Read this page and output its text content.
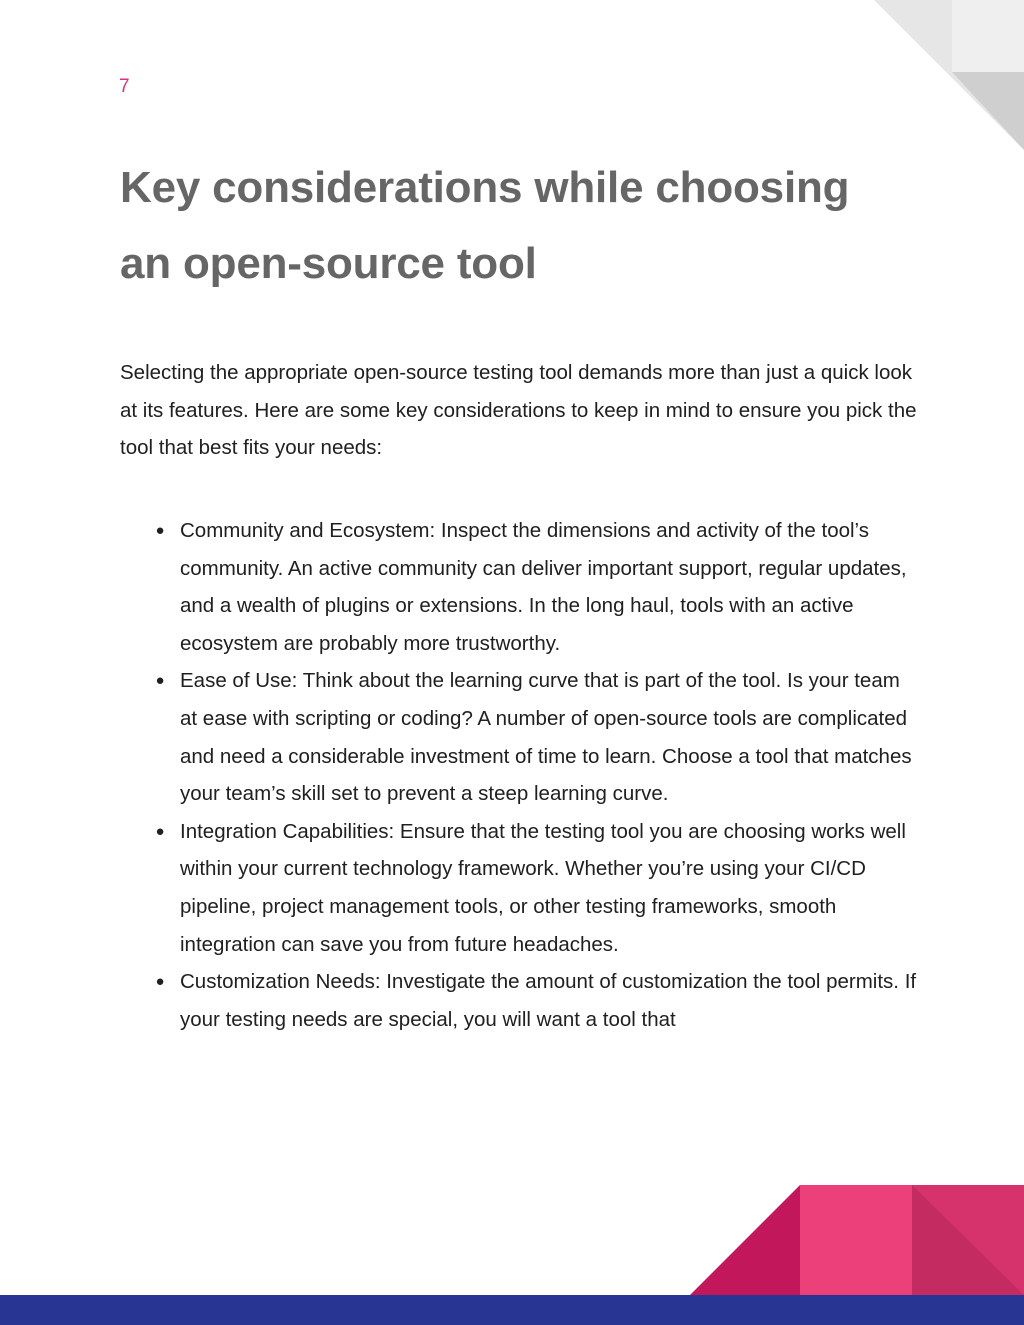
7
Key considerations while choosing
an open-source tool

Selecting the appropriate open-source testing tool demands more than just a quick look at its features. Here are some key considerations to keep in mind to ensure you pick the tool that best fits your needs:

● Community and Ecosystem: Inspect the dimensions and activity of the tool’s community. An active community can deliver important support, regular updates, and a wealth of plugins or extensions. In the long haul, tools with an active ecosystem are probably more trustworthy.
● Ease of Use: Think about the learning curve that is part of the tool. Is your team at ease with scripting or coding? A number of open-source tools are complicated and need a considerable investment of time to learn. Choose a tool that matches your team’s skill set to prevent a steep learning curve.
● Integration Capabilities: Ensure that the testing tool you are choosing works well within your current technology framework. Whether you’re using your CI/CD pipeline, project management tools, or other testing frameworks, smooth integration can save you from future headaches.
● Customization Needs: Investigate the amount of customization the tool permits. If your testing needs are special, you will want a tool that
